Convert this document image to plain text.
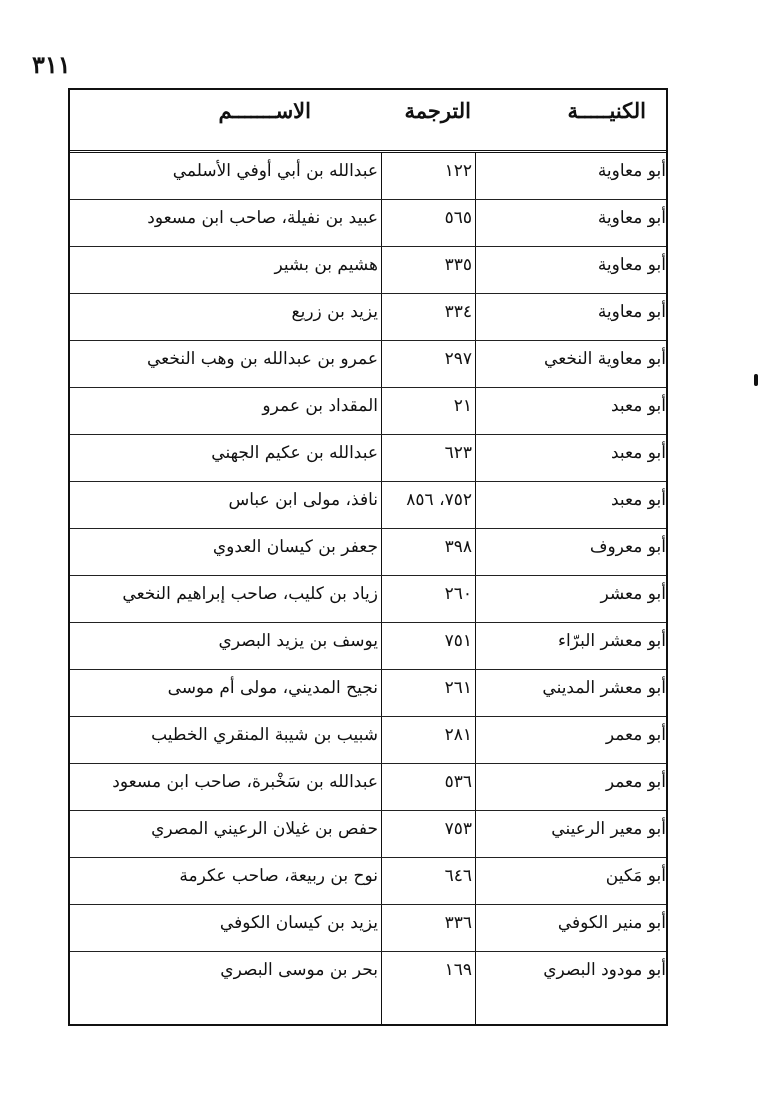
٣١١
الكنيـــــة
الترجمة
الاســـــــم
أبو معاوية
١٢٢
عبدالله بن أبي أوفي الأسلمي
أبو معاوية
٥٦٥
عبيد بن نفيلة، صاحب ابن مسعود
أبو معاوية
٣٣٥
هشيم بن بشير
أبو معاوية
٣٣٤
يزيد بن زريع
أبو معاوية النخعي
٢٩٧
عمرو بن عبدالله بن وهب النخعي
أبو معبد
٢١
المقداد بن عمرو
أبو معبد
٦٢٣
عبدالله بن عكيم الجهني
أبو معبد
٧٥٢، ٨٥٦
نافذ، مولى ابن عباس
أبو معروف
٣٩٨
جعفر بن كيسان العدوي
أبو معشر
٢٦٠
زياد بن كليب، صاحب إبراهيم النخعي
أبو معشر البرّاء
٧٥١
يوسف بن يزيد البصري
أبو معشر المديني
٢٦١
نجيح المديني، مولى أم موسى
أبو معمر
٢٨١
شبيب بن شيبة المنقري الخطيب
أبو معمر
٥٣٦
عبدالله بن سَخْبرة، صاحب ابن مسعود
أبو معير الرعيني
٧٥٣
حفص بن غيلان الرعيني المصري
أبو مَكين
٦٤٦
نوح بن ربيعة، صاحب عكرمة
أبو منير الكوفي
٣٣٦
يزيد بن كيسان الكوفي
أبو مودود البصري
١٦٩
بحر بن موسى البصري
